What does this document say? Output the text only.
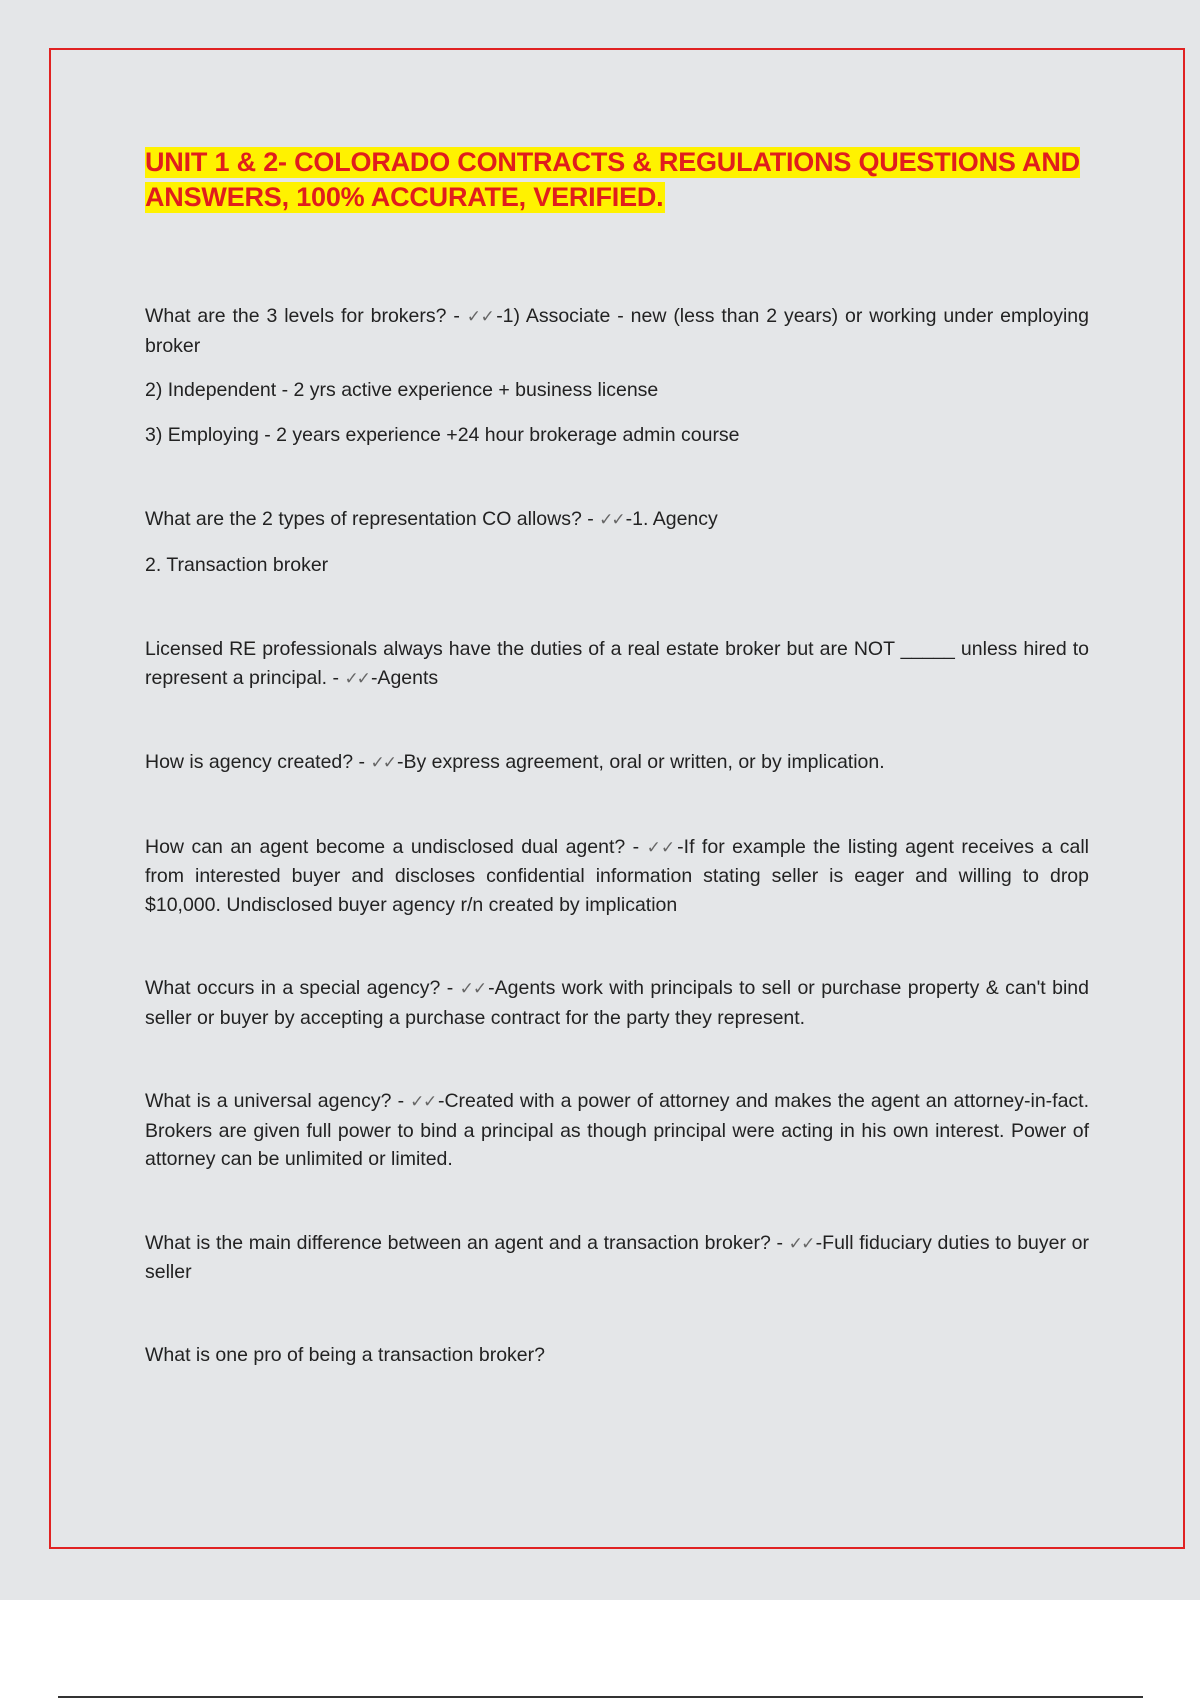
UNIT 1 & 2- COLORADO CONTRACTS & REGULATIONS QUESTIONS AND ANSWERS, 100% ACCURATE, VERIFIED.

What are the 3 levels for brokers? - ✓✓ -1) Associate - new (less than 2 years) or working under employing broker

2) Independent - 2 yrs active experience + business license

3) Employing - 2 years experience +24 hour brokerage admin course

What are the 2 types of representation CO allows? - ✓✓ -1. Agency

2. Transaction broker

Licensed RE professionals always have the duties of a real estate broker but are NOT _____ unless hired to represent a principal. - ✓✓ -Agents

How is agency created? - ✓✓ -By express agreement, oral or written, or by implication.

How can an agent become a undisclosed dual agent? - ✓✓ -If for example the listing agent receives a call from interested buyer and discloses confidential information stating seller is eager and willing to drop $10,000. Undisclosed buyer agency r/n created by implication

What occurs in a special agency? - ✓✓ -Agents work with principals to sell or purchase property & can't bind seller or buyer by accepting a purchase contract for the party they represent.

What is a universal agency? - ✓✓ -Created with a power of attorney and makes the agent an attorney-in-fact. Brokers are given full power to bind a principal as though principal were acting in his own interest. Power of attorney can be unlimited or limited.

What is the main difference between an agent and a transaction broker? - ✓✓ -Full fiduciary duties to buyer or seller

What is one pro of being a transaction broker?
